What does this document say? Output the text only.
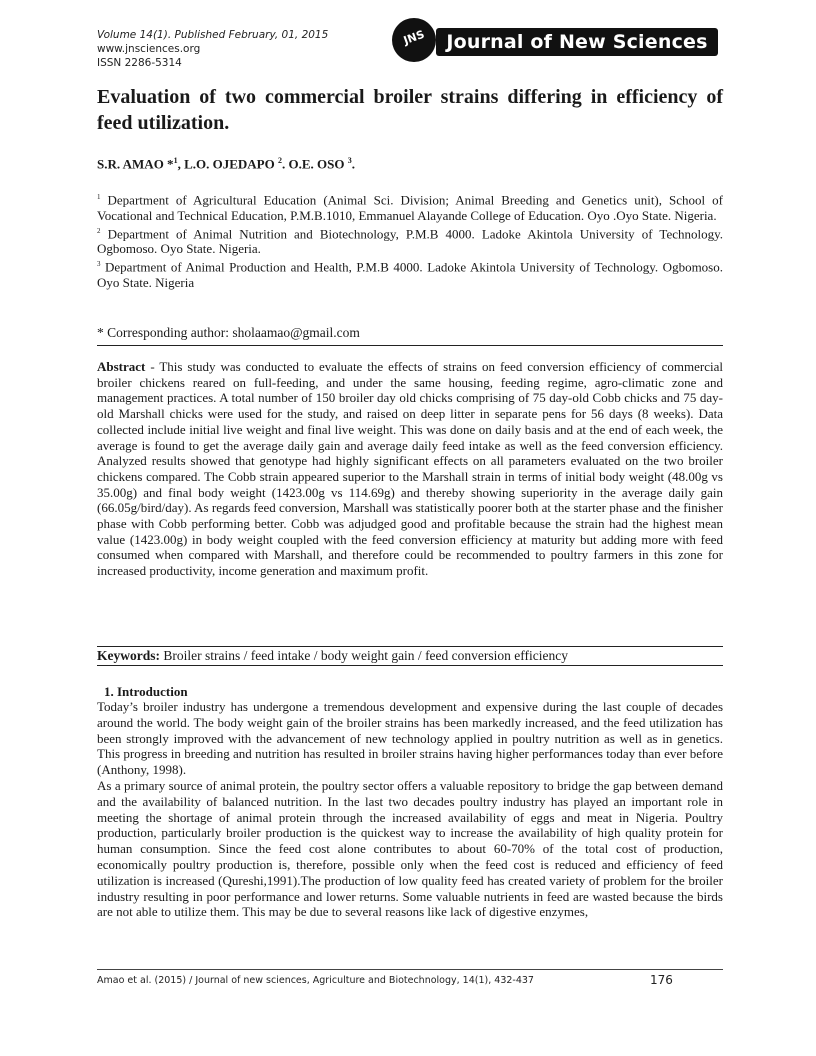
Volume 14(1). Published February, 01, 2015
www.jnsciences.org
ISSN 2286-5314
JNS	Journal of New Sciences
Evaluation of two commercial broiler strains differing in efficiency of feed utilization.
S.R. AMAO *$^1$, L.O. OJEDAPO $^2$. O.E. OSO $^3$.

$^1$ Department of Agricultural Education (Animal Sci. Division; Animal Breeding and Genetics unit), School of Vocational and Technical Education, P.M.B.1010, Emmanuel Alayande College of Education. Oyo .Oyo State. Nigeria.

$^2$ Department of Animal Nutrition and Biotechnology, P.M.B 4000. Ladoke Akintola University of Technology. Ogbomoso. Oyo State. Nigeria.

$^3$ Department of Animal Production and Health, P.M.B 4000. Ladoke Akintola University of Technology. Ogbomoso. Oyo State. Nigeria

* Corresponding author: sholaamao@gmail.com

Abstract - This study was conducted to evaluate the effects of strains on feed conversion efficiency of commercial broiler chickens reared on full-feeding, and under the same housing, feeding regime, agro-climatic zone and management practices. A total number of 150 broiler day old chicks comprising of 75 day-old Cobb chicks and 75 day-old Marshall chicks were used for the study, and raised on deep litter in separate pens for 56 days (8 weeks). Data collected include initial live weight and final live weight. This was done on daily basis and at the end of each week, the average is found to get the average daily gain and average daily feed intake as well as the feed conversion efficiency. Analyzed results showed that genotype had highly significant effects on all parameters evaluated on the two broiler chickens compared. The Cobb strain appeared superior to the Marshall strain in terms of initial body weight (48.00g vs 35.00g) and final body weight (1423.00g vs 114.69g) and thereby showing superiority in the average daily gain (66.05g/bird/day). As regards feed conversion, Marshall was statistically poorer both at the starter phase and the finisher phase with Cobb performing better. Cobb was adjudged good and profitable because the strain had the highest mean value (1423.00g) in body weight coupled with the feed conversion efficiency at maturity but adding more with feed consumed when compared with Marshall, and therefore could be recommended to poultry farmers in this zone for increased productivity, income generation and maximum profit.

Keywords: Broiler strains / feed intake / body weight gain / feed conversion efficiency
1. Introduction

Today’s broiler industry has undergone a tremendous development and expensive during the last couple of decades around the world. The body weight gain of the broiler strains has been markedly increased, and the feed utilization has been strongly improved with the advancement of new technology applied in poultry nutrition as well as in genetics. This progress in breeding and nutrition has resulted in broiler strains having higher performances today than ever before (Anthony, 1998).

As a primary source of animal protein, the poultry sector offers a valuable repository to bridge the gap between demand and the availability of balanced nutrition. In the last two decades poultry industry has played an important role in meeting the shortage of animal protein through the increased availability of eggs and meat in Nigeria. Poultry production, particularly broiler production is the quickest way to increase the availability of high quality protein for human consumption. Since the feed cost alone contributes to about 60-70% of the total cost of production, economically poultry production is, therefore, possible only when the feed cost is reduced and efficiency of feed utilization is increased (Qureshi,1991).The production of low quality feed has created variety of problem for the broiler industry resulting in poor performance and lower returns. Some valuable nutrients in feed are wasted because the birds are not able to utilize them. This may be due to several reasons like lack of digestive enzymes,

Amao et al. (2015) / Journal of new sciences, Agriculture and Biotechnology, 14(1), 432-437	176
